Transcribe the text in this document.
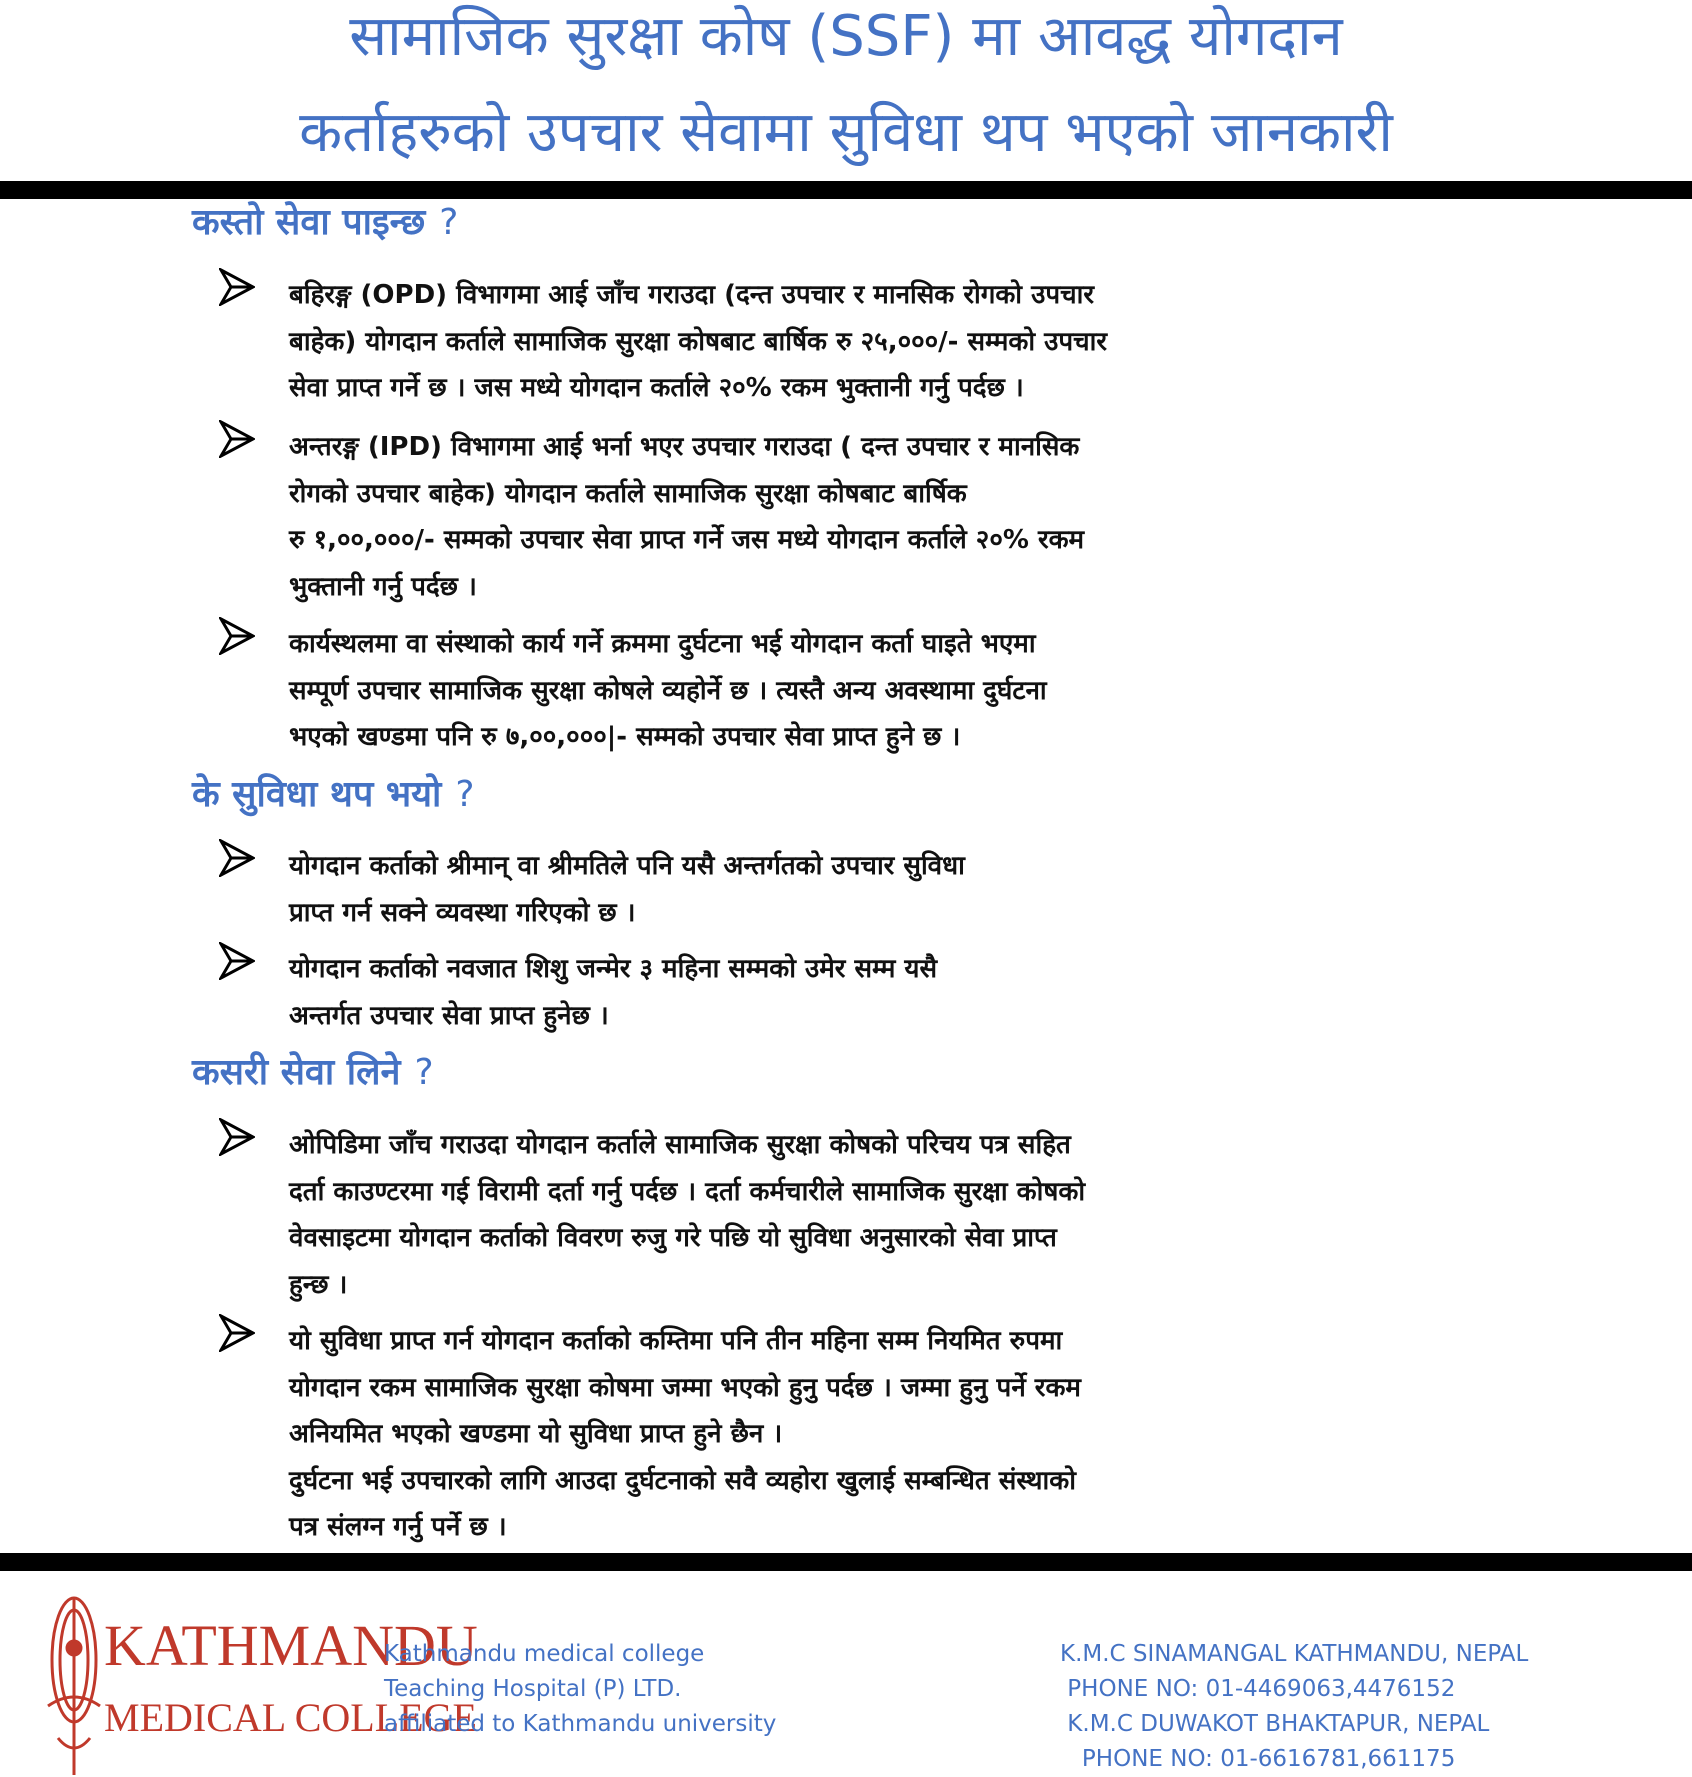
सामाजिक सुरक्षा कोष (SSF) मा आवद्ध योगदान
कर्ताहरुको उपचार सेवामा सुविधा थप भएको जानकारी
कस्तो सेवा पाइन्छ ?

बहिरङ्ग (OPD) विभागमा आई जाँच गराउदा (दन्त उपचार र मानसिक रोगको उपचार
बाहेक) योगदान कर्ताले सामाजिक सुरक्षा कोषबाट बार्षिक रु २५,०००/- सम्मको उपचार
सेवा प्राप्त गर्ने छ । जस मध्ये योगदान कर्ताले २०% रकम भुक्तानी गर्नु पर्दछ ।

अन्तरङ्ग (IPD) विभागमा आई भर्ना भएर उपचार गराउदा ( दन्त उपचार र मानसिक
रोगको उपचार बाहेक) योगदान कर्ताले सामाजिक सुरक्षा कोषबाट बार्षिक
रु १,००,०००/- सम्मको उपचार सेवा प्राप्त गर्ने जस मध्ये योगदान कर्ताले २०% रकम
भुक्तानी गर्नु पर्दछ ।

कार्यस्थलमा वा संस्थाको कार्य गर्ने क्रममा दुर्घटना भई योगदान कर्ता घाइते भएमा
सम्पूर्ण उपचार सामाजिक सुरक्षा कोषले व्यहोर्ने छ । त्यस्तै अन्य अवस्थामा दुर्घटना
भएको खण्डमा पनि रु ७,००,०००|- सम्मको उपचार सेवा प्राप्त हुने छ ।

के सुविधा थप भयो ?

योगदान कर्ताको श्रीमान् वा श्रीमतिले पनि यसै अन्तर्गतको उपचार सुविधा
प्राप्त गर्न सक्ने व्यवस्था गरिएको छ ।

योगदान कर्ताको नवजात शिशु जन्मेर ३ महिना सम्मको उमेर सम्म यसै
अन्तर्गत उपचार सेवा प्राप्त हुनेछ ।

कसरी सेवा लिने ?

ओपिडिमा जाँच गराउदा योगदान कर्ताले सामाजिक सुरक्षा कोषको परिचय पत्र सहित
दर्ता काउण्टरमा गई विरामी दर्ता गर्नु पर्दछ । दर्ता कर्मचारीले सामाजिक सुरक्षा कोषको
वेवसाइटमा योगदान कर्ताको विवरण रुजु गरे पछि यो सुविधा अनुसारको सेवा प्राप्त
हुन्छ ।

यो सुविधा प्राप्त गर्न योगदान कर्ताको कम्तिमा पनि तीन महिना सम्म नियमित रुपमा
योगदान रकम सामाजिक सुरक्षा कोषमा जम्मा भएको हुनु पर्दछ । जम्मा हुनु पर्ने रकम
अनियमित भएको खण्डमा यो सुविधा प्राप्त हुने छैन ।
दुर्घटना भई उपचारको लागि आउदा दुर्घटनाको सवै व्यहोरा खुलाई सम्बन्धित संस्थाको
पत्र संलग्न गर्नु पर्ने छ ।

KATHMANDU

MEDICAL COLLEGE

Kathmandu medical college
Teaching Hospital (P) LTD.
affiliated to Kathmandu university

K.M.C SINAMANGAL KATHMANDU, NEPAL
PHONE NO: 01-4469063,4476152
K.M.C DUWAKOT BHAKTAPUR, NEPAL
PHONE NO: 01-6616781,661175
